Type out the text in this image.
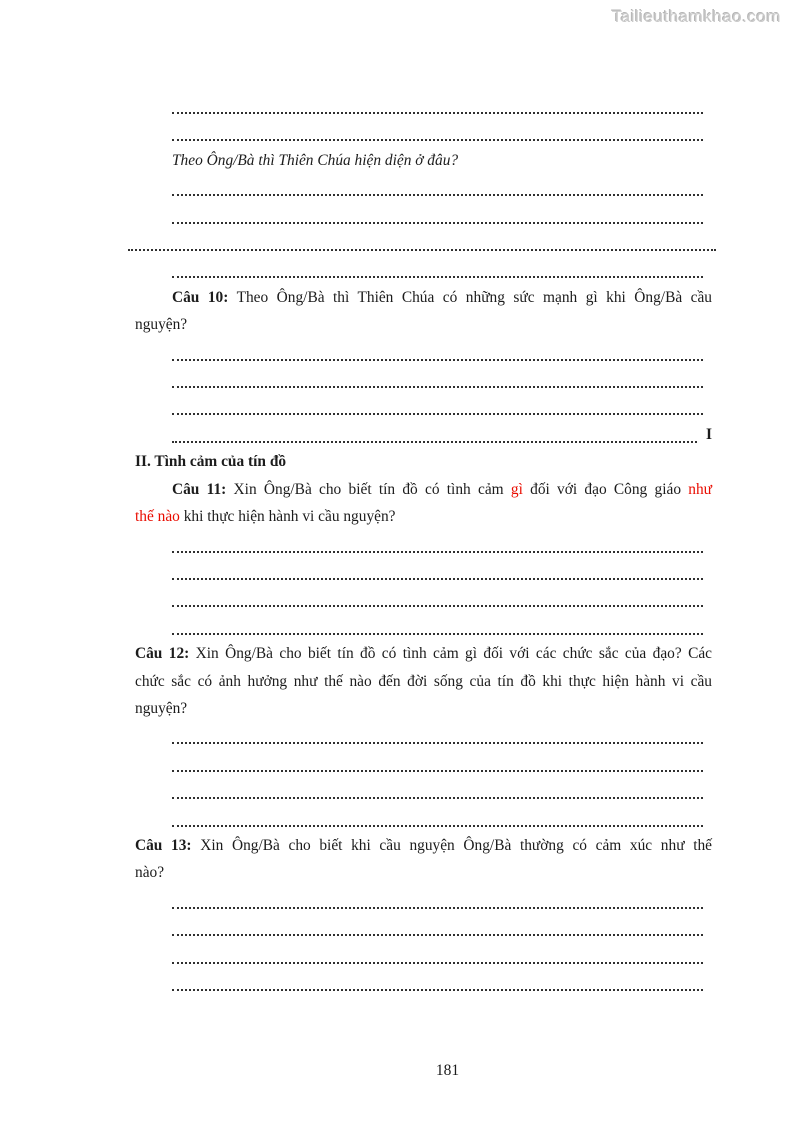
Tailieuthamkhao.com
Theo Ông/Bà thì Thiên Chúa hiện diện ở đâu?
Câu 10: Theo Ông/Bà thì Thiên Chúa có những sức mạnh gì khi Ông/Bà cầu
nguyện?
I
II. Tình cảm của tín đồ
Câu 11: Xin Ông/Bà cho biết tín đồ có tình cảm gì đối với đạo Công giáo như
thế nào khi thực hiện hành vi cầu nguyện?
Câu 12: Xin Ông/Bà cho biết tín đồ có tình cảm gì đối với các chức sắc của đạo? Các
chức sắc có ảnh hưởng như thế nào đến đời sống của tín đồ khi thực hiện hành vi cầu
nguyện?
Câu 13: Xin Ông/Bà cho biết khi cầu nguyện Ông/Bà thường có cảm xúc như thế
nào?
181
